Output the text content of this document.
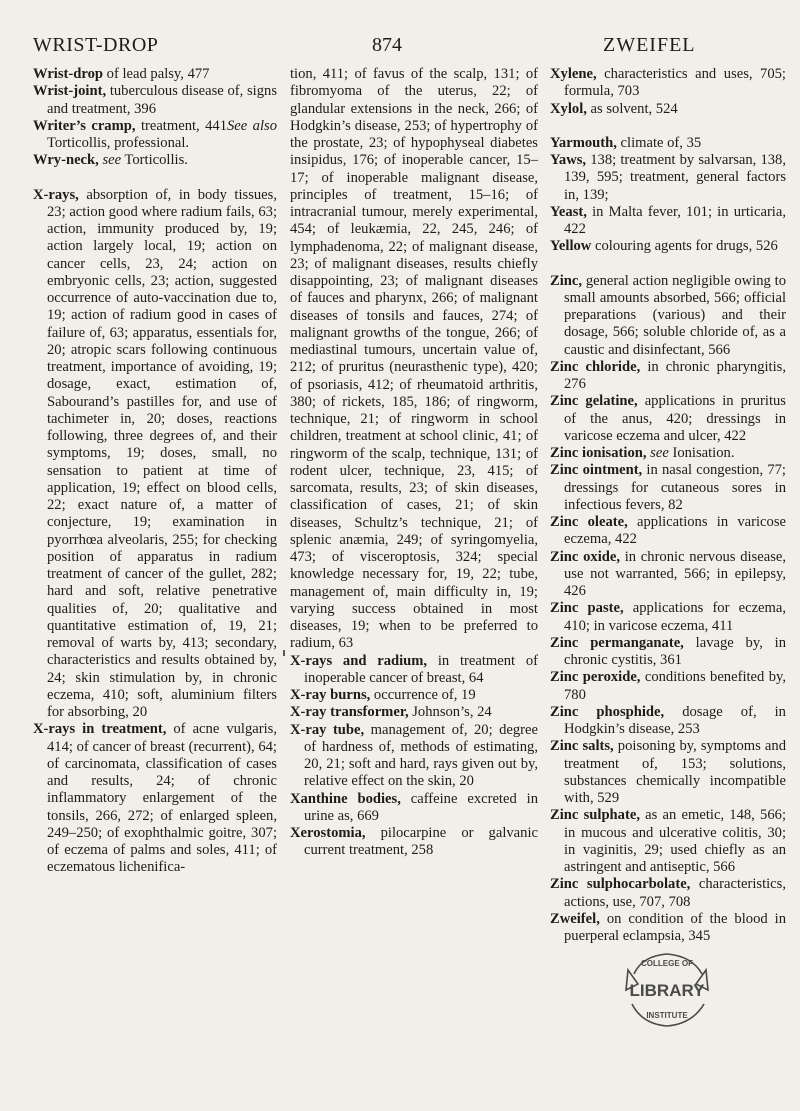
WRIST-DROP	874	ZWEIFEL
Wrist-drop of lead palsy, 477
Wrist-joint, tuberculous disease of, signs and treatment, 396
Writer’s cramp, treatment, 441See also Torticollis, professional.
Wry-neck, see Torticollis.
X-rays, absorption of, in body tissues, 23; action good where radium fails, 63; action, immunity produced by, 19; action largely local, 19; action on cancer cells, 23, 24; action on embryonic cells, 23; action, suggested occurrence of auto-vaccination due to, 19; action of radium good in cases of failure of, 63; apparatus, essentials for, 20; atropic scars following continuous treatment, importance of avoiding, 19; dosage, exact, estimation of, Sabourand’s pastilles for, and use of tachimeter in, 20; doses, reactions following, three degrees of, and their symptoms, 19; doses, small, no sensation to patient at time of application, 19; effect on blood cells, 22; exact nature of, a matter of conjecture, 19; examination in pyorrhœa alveolaris, 255; for checking position of apparatus in radium treatment of cancer of the gullet, 282; hard and soft, relative penetrative qualities of, 20; qualitative and quantitative estimation of, 19, 21; removal of warts by, 413; secondary, characteristics and results obtained by, 24; skin stimulation by, in chronic eczema, 410; soft, aluminium filters for absorbing, 20
X-rays in treatment, of acne vulgaris, 414; of cancer of breast (recurrent), 64; of carcinomata, classification of cases and results, 24; of chronic inflammatory enlargement of the tonsils, 266, 272; of enlarged spleen, 249–250; of exophthalmic goitre, 307; of eczema of palms and soles, 411; of eczematous lichenifica-
tion, 411; of favus of the scalp, 131; of fibromyoma of the uterus, 22; of glandular extensions in the neck, 266; of Hodgkin’s disease, 253; of hypertrophy of the prostate, 23; of hypophyseal diabetes insipidus, 176; of inoperable cancer, 15–17; of inoperable malignant disease, principles of treatment, 15–16; of intracranial tumour, merely experimental, 454; of leukæmia, 22, 245, 246; of lymphadenoma, 22; of malignant disease, 23; of malignant diseases, results chiefly disappointing, 23; of malignant diseases of fauces and pharynx, 266; of malignant diseases of tonsils and fauces, 274; of malignant growths of the tongue, 266; of mediastinal tumours, uncertain value of, 212; of pruritus (neurasthenic type), 420; of psoriasis, 412; of rheumatoid arthritis, 380; of rickets, 185, 186; of ringworm, technique, 21; of ringworm in school children, treatment at school clinic, 41; of ringworm of the scalp, technique, 131; of rodent ulcer, technique, 23, 415; of sarcomata, results, 23; of skin diseases, classification of cases, 21; of skin diseases, Schultz’s technique, 21; of splenic anæmia, 249; of syringomyelia, 473; of visceroptosis, 324; special knowledge necessary for, 19, 22; tube, management of, main difficulty in, 19; varying success obtained in most diseases, 19; when to be preferred to radium, 63
X-rays and radium, in treatment of inoperable cancer of breast, 64
X-ray burns, occurrence of, 19
X-ray transformer, Johnson’s, 24
X-ray tube, management of, 20; degree of hardness of, methods of estimating, 20, 21; soft and hard, rays given out by, relative effect on the skin, 20
Xanthine bodies, caffeine excreted in urine as, 669
Xerostomia, pilocarpine or galvanic current treatment, 258
Xylene, characteristics and uses, 705; formula, 703
Xylol, as solvent, 524
Yarmouth, climate of, 35
Yaws, 138; treatment by salvarsan, 138, 139, 595; treatment, general factors in, 139;
Yeast, in Malta fever, 101; in urticaria, 422
Yellow colouring agents for drugs, 526
Zinc, general action negligible owing to small amounts absorbed, 566; official preparations (various) and their dosage, 566; soluble chloride of, as a caustic and disinfectant, 566
Zinc chloride, in chronic pharyngitis, 276
Zinc gelatine, applications in pruritus of the anus, 420; dressings in varicose eczema and ulcer, 422
Zinc ionisation, see Ionisation.
Zinc ointment, in nasal congestion, 77; dressings for cutaneous sores in infectious fevers, 82
Zinc oleate, applications in varicose eczema, 422
Zinc oxide, in chronic nervous disease, use not warranted, 566; in epilepsy, 426
Zinc paste, applications for eczema, 410; in varicose eczema, 411
Zinc permanganate, lavage by, in chronic cystitis, 361
Zinc peroxide, conditions benefited by, 780
Zinc phosphide, dosage of, in Hodgkin’s disease, 253
Zinc salts, poisoning by, symptoms and treatment of, 153; solutions, substances chemically incompatible with, 529
Zinc sulphate, as an emetic, 148, 566; in mucous and ulcerative colitis, 30; in vaginitis, 29; used chiefly as an astringent and antiseptic, 566
Zinc sulphocarbolate, characteristics, actions, use, 707, 708
Zweifel, on condition of the blood in puerperal eclampsia, 345
COLLEGE OF
LIBRARY
INSTITUTE
